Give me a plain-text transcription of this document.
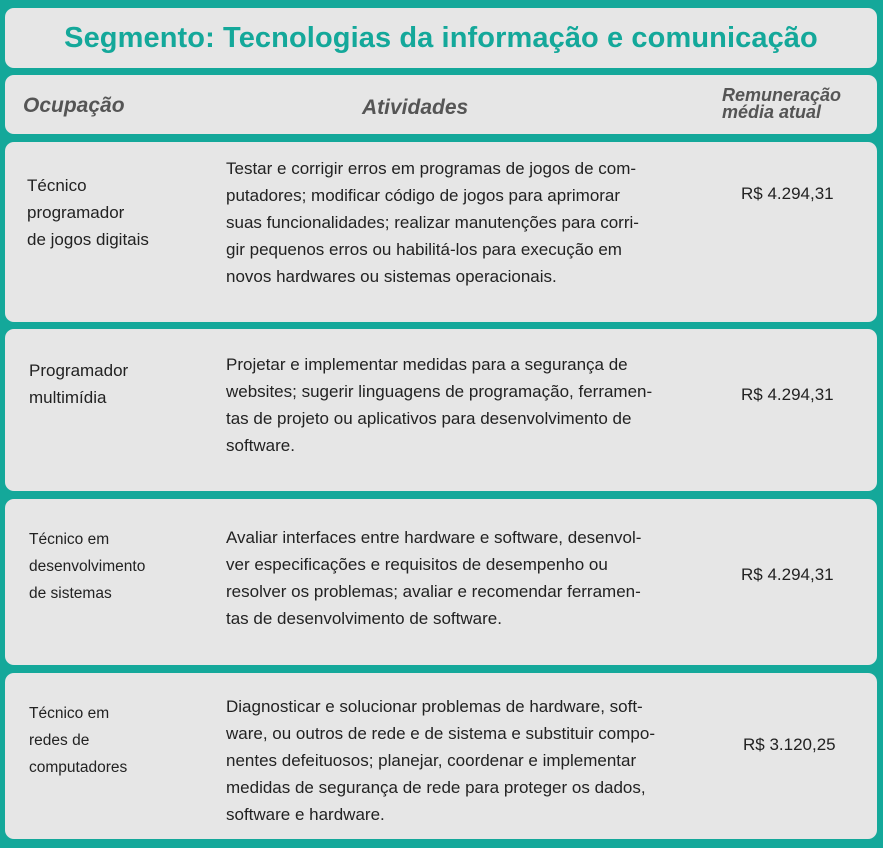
Segmento: Tecnologias da informação e comunicação
Ocupação	Atividades
Remuneração
média atual
Técnico
programador
de jogos digitais
Testar e corrigir erros em programas de jogos de com-
putadores; modificar código de jogos para aprimorar
suas funcionalidades; realizar manutenções para corri-
gir pequenos erros ou habilitá-los para execução em
novos hardwares ou sistemas operacionais.
R$ 4.294,31
Programador
multimídia
Projetar e implementar medidas para a segurança de
websites; sugerir linguagens de programação, ferramen-
tas de projeto ou aplicativos para desenvolvimento de
software.
R$ 4.294,31
Técnico em
desenvolvimento
de sistemas
Avaliar interfaces entre hardware e software, desenvol-
ver especificações e requisitos de desempenho ou
resolver os problemas; avaliar e recomendar ferramen-
tas de desenvolvimento de software.
R$ 4.294,31
Técnico em
redes de
computadores
Diagnosticar e solucionar problemas de hardware, soft-
ware, ou outros de rede e de sistema e substituir compo-
nentes defeituosos; planejar, coordenar e implementar
medidas de segurança de rede para proteger os dados,
software e hardware.
R$ 3.120,25
